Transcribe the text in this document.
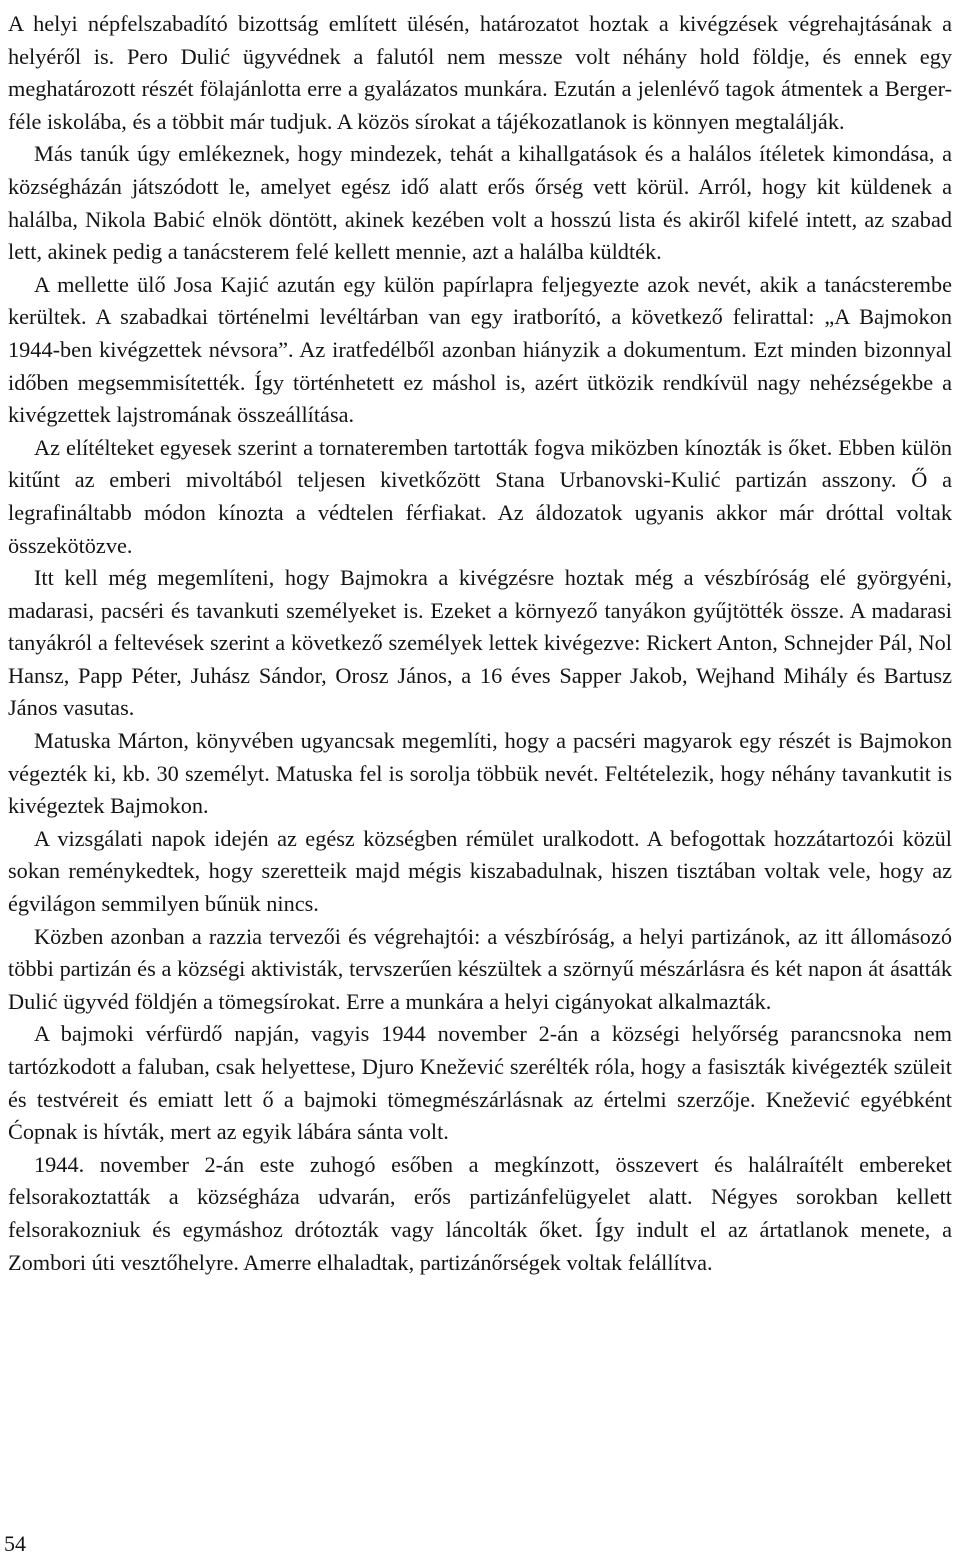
A helyi népfelszabadító bizottság említett ülésén, határozatot hoztak a kivégzések végrehajtásának a helyéről is. Pero Dulić ügyvédnek a falutól nem messze volt néhány hold földje, és ennek egy meghatározott részét fölajánlotta erre a gyalázatos munkára. Ezután a jelenlévő tagok átmentek a Berger-féle iskolába, és a többit már tudjuk. A közös sírokat a tájékozatlanok is könnyen megtalálják.

Más tanúk úgy emlékeznek, hogy mindezek, tehát a kihallgatások és a halálos ítéletek kimondása, a községházán játszódott le, amelyet egész idő alatt erős őrség vett körül. Arról, hogy kit küldenek a halálba, Nikola Babić elnök döntött, akinek kezében volt a hosszú lista és akiről kifelé intett, az szabad lett, akinek pedig a tanácsterem felé kellett mennie, azt a halálba küldték.

A mellette ülő Josa Kajić azután egy külön papírlapra feljegyezte azok nevét, akik a tanácsterembe kerültek. A szabadkai történelmi levéltárban van egy iratborító, a következő felirattal: „A Bajmokon 1944-ben kivégzettek névsora”. Az iratfedélből azonban hiányzik a dokumentum. Ezt minden bizonnyal időben megsemmisítették. Így történhetett ez máshol is, azért ütközik rendkívül nagy nehézségekbe a kivégzettek lajstromának összeállítása.

Az elítélteket egyesek szerint a tornateremben tartották fogva miközben kínozták is őket. Ebben külön kitűnt az emberi mivoltából teljesen kivetkőzött Stana Urbanovski-Kulić partizán asszony. Ő a legrafináltabb módon kínozta a védtelen férfiakat. Az áldozatok ugyanis akkor már dróttal voltak összekötözve.

Itt kell még megemlíteni, hogy Bajmokra a kivégzésre hoztak még a vészbíróság elé györgyéni, madarasi, pacséri és tavankuti személyeket is. Ezeket a környező tanyákon gyűjtötték össze. A madarasi tanyákról a feltevések szerint a következő személyek lettek kivégezve: Rickert Anton, Schnejder Pál, Nol Hansz, Papp Péter, Juhász Sándor, Orosz János, a 16 éves Sapper Jakob, Wejhand Mihály és Bartusz János vasutas.

Matuska Márton, könyvében ugyancsak megemlíti, hogy a pacséri magyarok egy részét is Bajmokon végezték ki, kb. 30 személyt. Matuska fel is sorolja többük nevét. Feltételezik, hogy néhány tavankutit is kivégeztek Bajmokon.

A vizsgálati napok idején az egész községben rémület uralkodott. A befogottak hozzátartozói közül sokan reménykedtek, hogy szeretteik majd mégis kiszabadulnak, hiszen tisztában voltak vele, hogy az égvilágon semmilyen bűnük nincs.

Közben azonban a razzia tervezői és végrehajtói: a vészbíróság, a helyi partizánok, az itt állomásozó többi partizán és a községi aktivisták, tervszerűen készültek a szörnyű mészárlásra és két napon át ásatták Dulić ügyvéd földjén a tömegsírokat. Erre a munkára a helyi cigányokat alkalmazták.

A bajmoki vérfürdő napján, vagyis 1944 november 2-án a községi helyőrség parancsnoka nem tartózkodott a faluban, csak helyettese, Djuro Knežević szerélték róla, hogy a fasiszták kivégezték szüleit és testvéreit és emiatt lett ő a bajmoki tömegmészárlásnak az értelmi szerzője. Knežević egyébként Ćopnak is hívták, mert az egyik lábára sánta volt.

1944. november 2-án este zuhogó esőben a megkínzott, összevert és halálraítélt embereket felsorakoztatták a községháza udvarán, erős partizánfelügyelet alatt. Négyes sorokban kellett felsorakozniuk és egymáshoz drótozták vagy láncolták őket. Így indult el az ártatlanok menete, a Zombori úti vesztőhelyre. Amerre elhaladtak, partizánőrségek voltak felállítva.

54
